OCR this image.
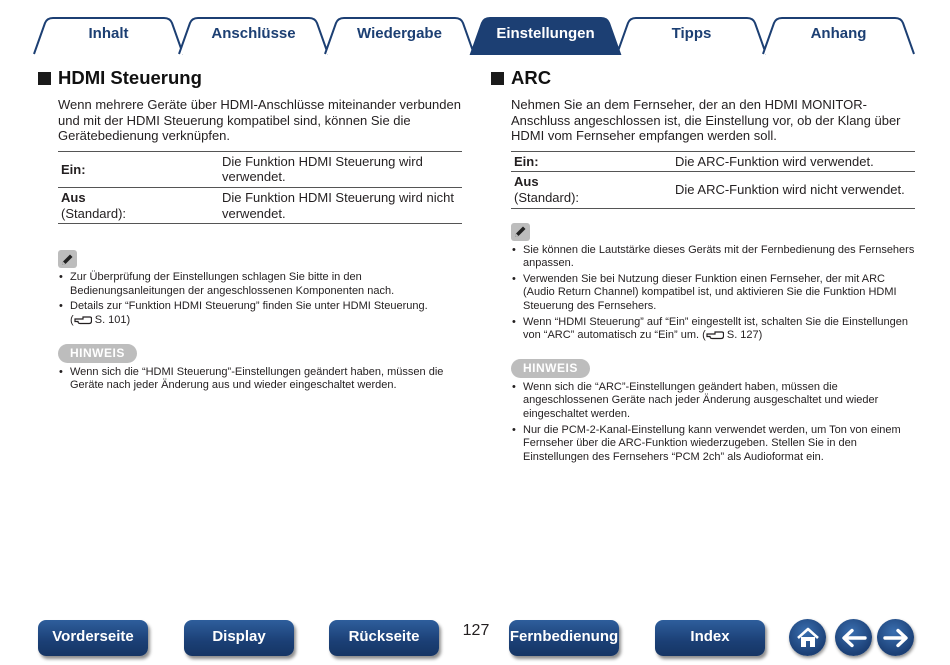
Inhalt	Anschlüsse	Wiedergabe	Tipps	Anhang
Einstellungen
HDMI Steuerung

Wenn mehrere Geräte über HDMI-Anschlüsse miteinander verbunden und mit der HDMI Steuerung kompatibel sind, können Sie die Gerätebedienung verknüpfen.

Ein:	Die Funktion HDMI Steuerung wird verwendet.
Aus
(Standard):	Die Funktion HDMI Steuerung wird nicht verwendet.
• Zur Überprüfung der Einstellungen schlagen Sie bitte in den Bedienungsanleitungen der angeschlossenen Komponenten nach.
• Details zur “Funktion HDMI Steuerung” finden Sie unter HDMI Steuerung.
( S. 101)
HINWEIS
• Wenn sich die “HDMI Steuerung”-Einstellungen geändert haben, müssen die Geräte nach jeder Änderung aus und wieder eingeschaltet werden.
ARC

Nehmen Sie an dem Fernseher, der an den HDMI MONITOR-Anschluss angeschlossen ist, die Einstellung vor, ob der Klang über HDMI vom Fernseher empfangen werden soll.

Ein:	Die ARC-Funktion wird verwendet.
Aus
(Standard):	Die ARC-Funktion wird nicht verwendet.
• Sie können die Lautstärke dieses Geräts mit der Fernbedienung des Fernsehers anpassen.
• Verwenden Sie bei Nutzung dieser Funktion einen Fernseher, der mit ARC (Audio Return Channel) kompatibel ist, und aktivieren Sie die Funktion HDMI Steuerung des Fernsehers.
• Wenn “HDMI Steuerung” auf “Ein” eingestellt ist, schalten Sie die Einstellungen von “ARC” automatisch zu “Ein” um. ( S. 127)
HINWEIS
• Wenn sich die “ARC”-Einstellungen geändert haben, müssen die angeschlossenen Geräte nach jeder Änderung ausgeschaltet und wieder eingeschaltet werden.
• Nur die PCM-2-Kanal-Einstellung kann verwendet werden, um Ton von einem Fernseher über die ARC-Funktion wiederzugeben. Stellen Sie in den Einstellungen des Fernsehers “PCM 2ch” als Audioformat ein.
Vorderseite	Display	Rückseite	127	Fernbedienung	Index
